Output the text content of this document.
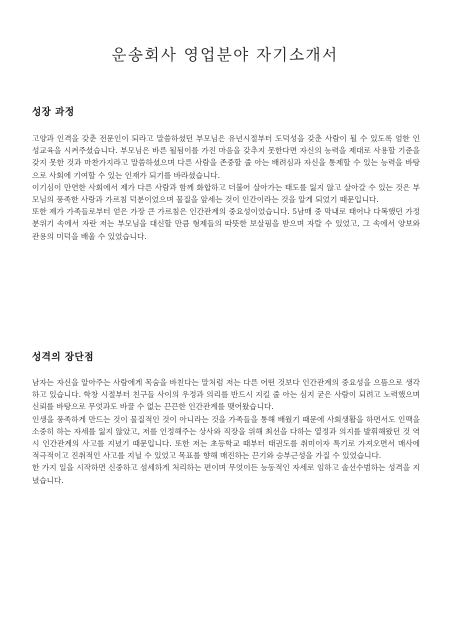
운송회사 영업분야 자기소개서
성장 과정

고양과 인격을 갖춘 전문인이 되라고 말씀하셨던 부모님은 유년시절부터 도덕성을 갖춘 사람이 될 수 있도록 엄한 인성교육을 시켜주셨습니다. 부모님은 바른 될됨이를 가진 마음을 갖추지 못한다면 자신의 능력을 제대로 사용할 기준을 갖지 못한 것과 마찬가지라고 말씀하셨으며 다른 사람을 존중할 줄 아는 배려심과 자신을 통제할 수 있는 능력을 바탕으로 사회에 기여할 수 있는 인재가 되기를 바라셨습니다.

이기심이 만연한 사회에서 제가 다른 사람과 함께 화합하고 더불어 살아가는 태도를 잃지 않고 살아갈 수 있는 것은 부모님의 풍족한 사랑과 가르침 덕분이었으며 물질을 앞세는 것이 인간이라는 것을 알게 되었기 때문입니다.

또한 제가 가족들로부터 얻은 가장 큰 가르침은 인간관계의 중요성이었습니다. 5남매 중 막내로 태어나 다복했던 가정 분위기 속에서 자란 저는 부모님을 대신할 만큼 형제들의 따뜻한 보살핌을 받으며 자랄 수 있었고, 그 속에서 양보와 관용의 미덕을 배울 수 있었습니다.

성격의 장단점

남자는 자신을 알아주는 사람에게 목숨을 바친다는 말처럼 저는 다른 어떤 것보다 인간관계의 중요성을 으뜸으로 생각하고 있습니다. 학창 시절부터 친구들 사이의 우정과 의리를 반드시 지킬 줄 아는 심지 굳은 사람이 되려고 노력했으며 신뢰를 바탕으로 무엇과도 바꿀 수 없는 끈끈한 인간관계를 맺어왔습니다.

인생을 풍족하게 만드는 것이 물질적인 것이 아니라는 것을 가족들을 통해 배웠기 때문에 사회생활을 하면서도 인맥을 소중히 하는 자세를 잃지 않았고, 저를 인정해주는 상사와 직장을 위해 최선을 다하는 열정과 의지를 발휘해왔던 것 역시 인간관계의 사고를 지녔기 때문입니다. 또한 저는 초등학교 때부터 태권도를 취미이자 특기로 가져오면서 매사에 적극적이고 진취적인 사고를 지닐 수 있었고 목표를 향해 매진하는 끈기와 승부근성을 가질 수 있었습니다.

한 가지 일을 시작하면 신중하고 섬세하게 처리하는 편이며 무엇이든 능동적인 자세로 임하고 솔선수범하는 성격을 지녔습니다.
